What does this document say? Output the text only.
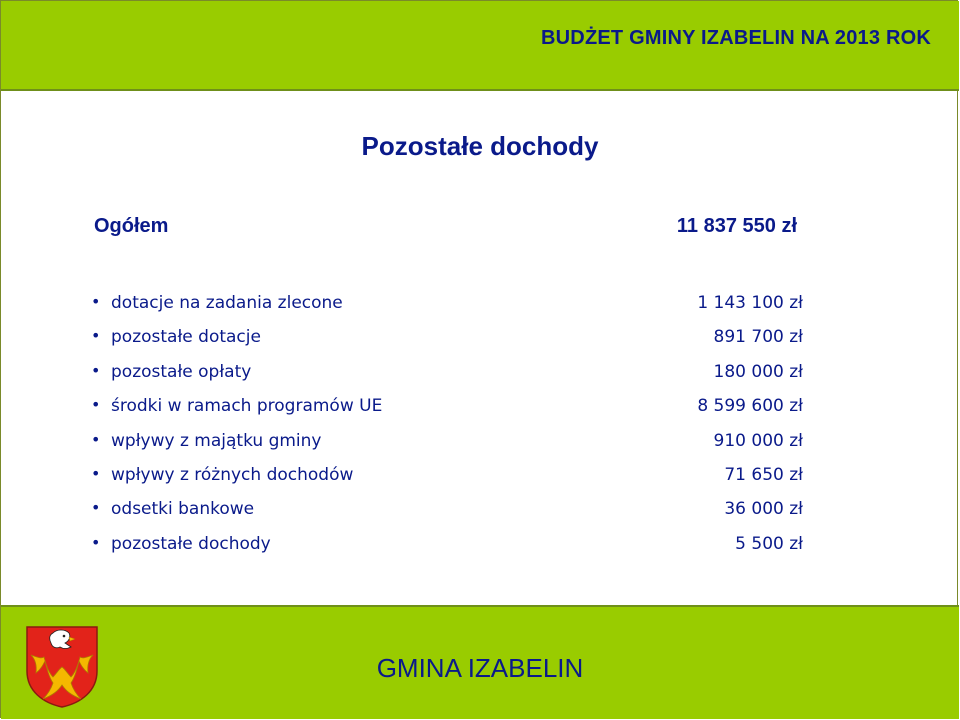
BUDŻET GMINY IZABELIN NA 2013 ROK
Pozostałe dochody
Ogółem	11 837 550 zł
• dotacje na zadania zlecone	1 143 100 zł
• pozostałe dotacje	891 700 zł
• pozostałe opłaty	180 000 zł
• środki w ramach programów UE	8 599 600 zł
• wpływy z majątku gminy	910 000 zł
• wpływy z różnych dochodów	71 650 zł
• odsetki bankowe	36 000 zł
• pozostałe dochody	5 500 zł
GMINA IZABELIN
